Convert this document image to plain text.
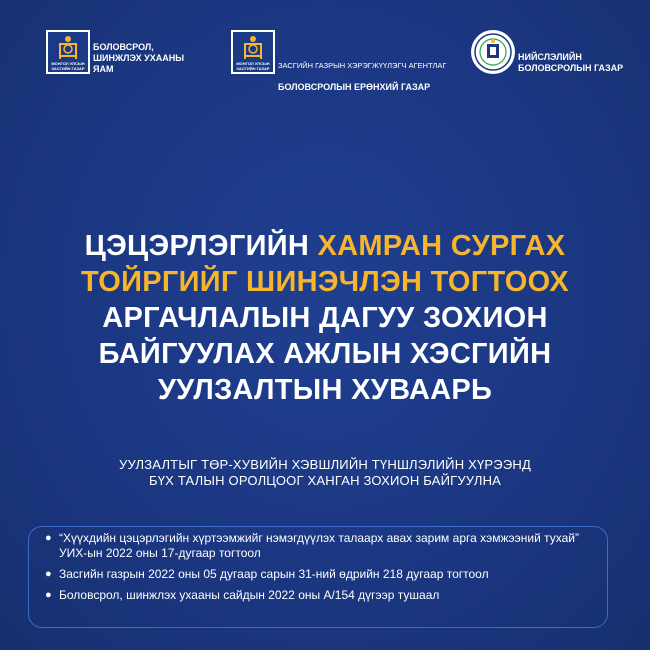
МОНГОЛ УЛСЫН
ЗАСГИЙН ГАЗАР
БОЛОВСРОЛ,
ШИНЖЛЭХ УХААНЫ
ЯАМ
МОНГОЛ УЛСЫН
ЗАСГИЙН ГАЗАР ЗАСГИЙН ГАЗРЫН ХЭРЭГЖҮҮЛЭГЧ АГЕНТЛАГ

БОЛОВСРОЛЫН ЕРӨНХИЙ ГАЗАР

НИЙСЛЭЛИЙН
БОЛОВСРОЛЫН ГАЗАР
ЦЭЦЭРЛЭГИЙН ХАМРАН СУРГАХ
ТОЙРГИЙГ ШИНЭЧЛЭН ТОГТООХ
АРГАЧЛАЛЫН ДАГУУ ЗОХИОН
БАЙГУУЛАХ АЖЛЫН ХЭСГИЙН
УУЛЗАЛТЫН ХУВААРЬ
УУЛЗАЛТЫГ ТӨР-ХУВИЙН ХЭВШЛИЙН ТҮНШЛЭЛИЙН ХҮРЭЭНД
БҮХ ТАЛЫН ОРОЛЦООГ ХАНГАН ЗОХИОН БАЙГУУЛНА
● “Хүүхдийн цэцэрлэгийн хүртээмжийг нэмэгдүүлэх талаарх авах зарим арга хэмжээний тухай” УИХ-ын 2022 оны 17-дугаар тогтоол
● Засгийн газрын 2022 оны 05 дугаар сарын 31-ний өдрийн 218 дугаар тогтоол
● Боловсрол, шинжлэх ухааны сайдын 2022 оны А/154 дүгээр тушаал
